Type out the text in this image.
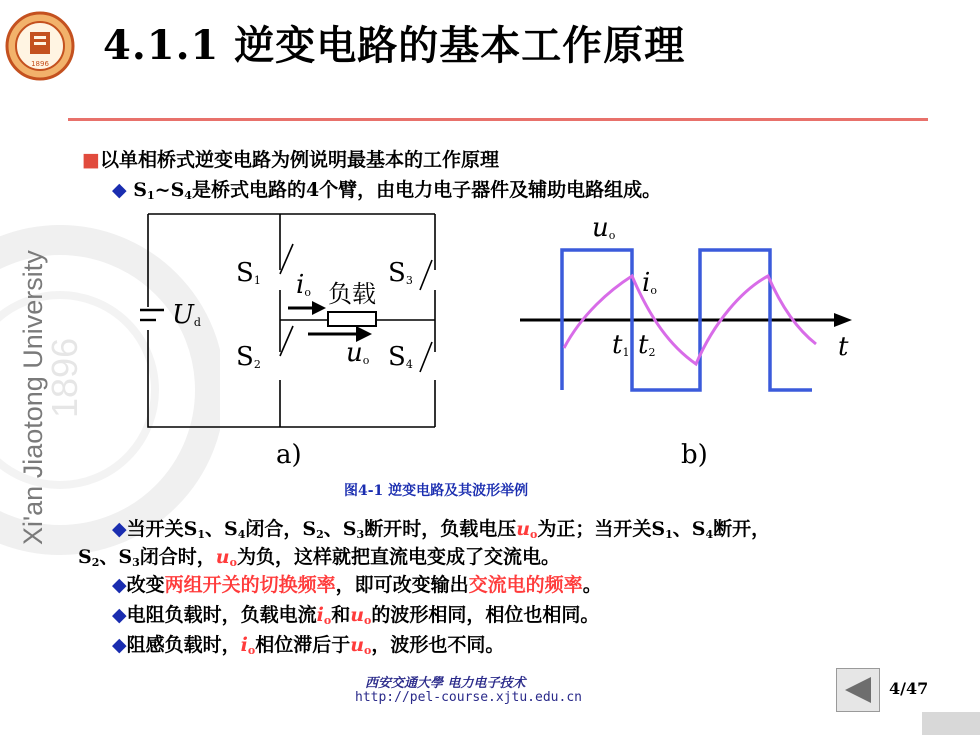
1896
Xi'an Jiaotong University
1896 4.1.1 逆变电路的基本工作原理
■以单相桥式逆变电路为例说明最基本的工作原理
◆ $S_1\sim S_4$是桥式电路的4个臂，由电力电子器件及辅助电路组成。
$S_1$
$S_2$
$S_3$
$S_4$
$U_d$
$i_o$ 负载
$u_o$
a)
$u_o$
$i_o$
$t_1$ $t_2$	t
b)
图4-1 逆变电路及其波形举例
◆当开关$S_1$、$S_4$闭合，$S_2$、$S_3$断开时，负载电压$u_o$为正；当开关$S_1$、$S_4$断开，
$S_2$、$S_3$闭合时，$u_o$为负，这样就把直流电变成了交流电。
◆改变两组开关的切换频率，即可改变输出交流电的频率。
◆电阻负载时，负载电流$i_o$和$u_o$的波形相同，相位也相同。
◆阻感负载时，$i_o$相位滞后于$u_o$，波形也不同。
西安交通大學 电力电子技术
http://pel-course.xjtu.edu.cn	4/47
